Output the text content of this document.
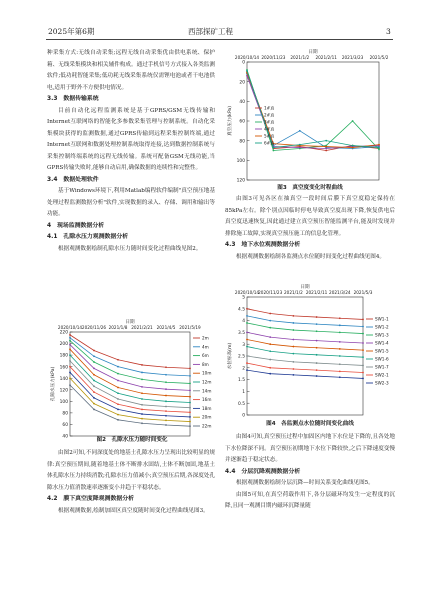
2025年第6期	西部探矿工程	3

种采集方式:无线自动采集;远程无线自动采集优由供电系统、保护箱、无线采集模块和相关辅件构成。通过手机信号方式接入各类监测软件;低功耗智能采集;低功耗无线采集系统仅需锂电池或者干电池供电,适用于野外不方便供电情况。

3.3　数据传输系统

目前自动化远程监测系统是基于GPRS/GSM无线传输和Internet互联网络的智能化多参数采集管理与控制系统。自动化采集模块获得的监测数据,通过GPRS传输到远程采集控制终端,通过Internet互联网和数据处理控制系统取得连接,达到数据控制系统与采集控制终端系统的远程无线传输。系统可配备GSM无线功能,当GPRS传输失败时,能够自动启用,确保数据的连续性和完整性。

3.4　数据处理软件

基于Windows环境下,利用Matlab编程软件编制"真空预压地基处理过程监测数据分析"软件,实现数据的录入、存储、调用和输出等功能。

4　现场监测数据分析

4.1　孔隙水压力观测数据分析

根据观测数据绘制孔隙水压力随时间变化过程曲线见图2。

日期
2020/10/14 2020/11/26 2021/1/8 2021/2/21 2021/4/5 2021/5/19
220
200
180
160
140
120
100
80
60
40
孔隙水压力(kPa)
2m
4m
6m
8m
10m
12m
14m
16m
18m
20m
22m
图2　孔隙水压力随时间变化

由图2可知,不同深度处的地基土孔隙水压力呈现出比较明显的规律:真空预压期间,随着地基土体不断排水固结,土体不断加固,地基土体孔隙水压力持续消散;孔隙水压力值减小;真空预压后期,各深度处孔隙水压力值消散速率逐渐变小并趋于平稳状态。

4.2　膜下真空度降观测数据分析

根据观测数据,绘制加固区真空度随时间变化过程曲线见图3。

日期
2020/10/14 2020/11/23 2021/1/2 2021/2/11 2021/3/23 2021/5/2
0
20
40
60
80
100
120
真空压力(kPa)	1#真
2#真
3#真
4#真
5#真
6#真
图3　真空度变化时程曲线

由图3可见各区在抽真空一段时间后膜下真空度稳定保持在85kPa左右。除个别点因临时停电导致真空度出现下降,恢复供电后真空度迅速恢复,因此通过建立真空预压智能监测平台,能及时发现并排除施工故障,实现真空预压施工的信息化管理。

4.3　地下水位观测数据分析

根据观测数据绘制各监测点水位随时间变化过程曲线见图4。

日期
2020/10/14 2020/11/23 2021/1/2 2021/2/11 2021/3/24 2021/5/3
5
4.5
4
3.5
3
2.5
2
1.5
1
0.5
0
水位标高(m)
SW1-1
SW1-2
SW1-3
SW1-4
SW1-5
SW1-6
SW1-7
SW2-1
SW2-3
图4　各监测点水位随时间变化曲线

由图4可知,真空预压过程中加固区内地下水位是下降的,且各处地下水位降深不同。真空预压初期地下水位下降较快,之后下降速度变慢并逐渐趋于稳定状态。

4.4　分层沉降观测数据分析

根据观测数据绘制分层沉降—时间关系变化曲线见图5。

由图5可知,在真空荷载作用下,各分层磁环均发生一定程度的沉降,且同一观测目期内磁环沉降量随
